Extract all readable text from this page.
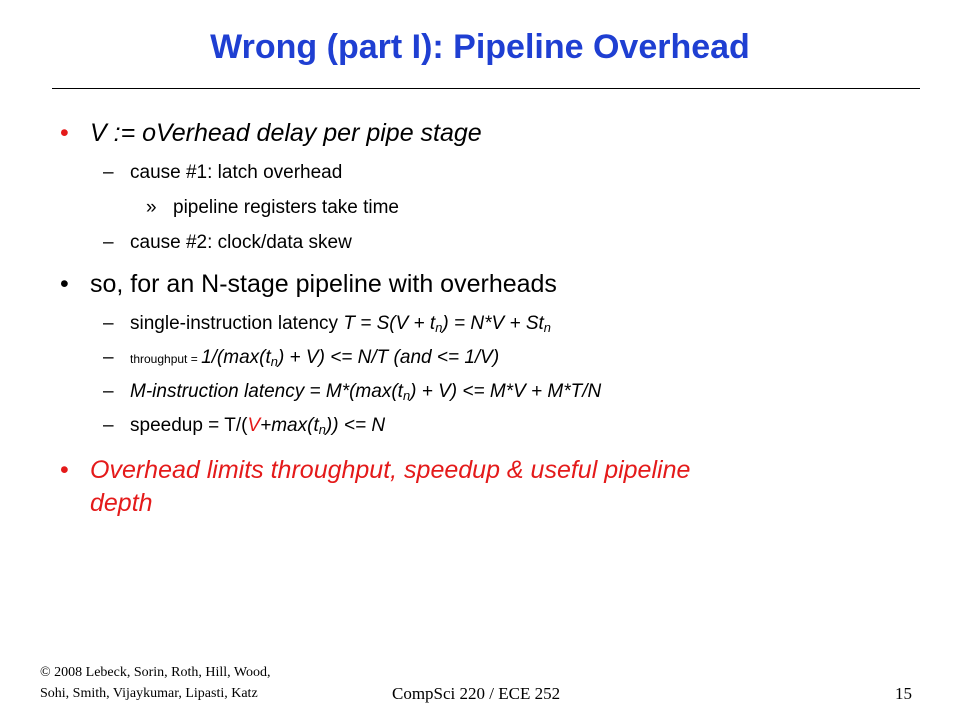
Wrong (part I): Pipeline Overhead
• V := oVerhead delay per pipe stage
– cause #1: latch overhead
» pipeline registers take time
– cause #2: clock/data skew
• so, for an N-stage pipeline with overheads
– single-instruction latency $T = S(V + t_n) = N*V + St_n$
– throughput = $1/(\max(t_n) + V) <= N/T$ (and <= 1/V)
– M-instruction latency = $M*(\max(t_n) + V) <= M*V + M*T/N$
– speedup = $T/(V+\max(t_n)) <= N$
• Overhead limits throughput, speedup & useful pipeline
depth
© 2008 Lebeck, Sorin, Roth, Hill, Wood,
Sohi, Smith, Vijaykumar, Lipasti, Katz	CompSci 220 / ECE 252	15
